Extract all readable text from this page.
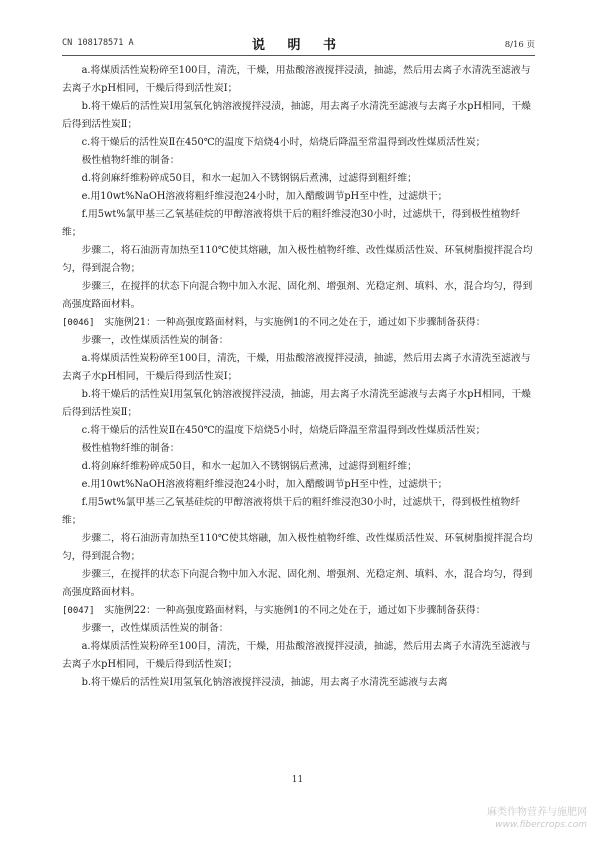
CN 108178571 A	说 明 书	8/16 页

a.将煤质活性炭粉碎至100目，清洗，干燥，用盐酸溶液搅拌浸渍，抽滤，然后用去离子水清洗至滤液与去离子水pH相同，干燥后得到活性炭Ⅰ；

b.将干燥后的活性炭Ⅰ用氢氧化钠溶液搅拌浸渍，抽滤，用去离子水清洗至滤液与去离子水pH相同，干燥后得到活性炭Ⅱ；

c.将干燥后的活性炭Ⅱ在450℃的温度下焙烧4小时，焙烧后降温至常温得到改性煤质活性炭；

极性植物纤维的制备：

d.将剑麻纤维粉碎成50目，和水一起加入不锈钢锅后煮沸，过滤得到粗纤维；

e.用10wt%NaOH溶液将粗纤维浸泡24小时，加入醋酸调节pH至中性，过滤烘干；

f.用5wt%氯甲基三乙氧基硅烷的甲醇溶液将烘干后的粗纤维浸泡30小时，过滤烘干，得到极性植物纤维；

步骤二，将石油沥青加热至110℃使其熔融，加入极性植物纤维、改性煤质活性炭、环氧树脂搅拌混合均匀，得到混合物；

步骤三，在搅拌的状态下向混合物中加入水泥、固化剂、增强剂、光稳定剂、填料、水，混合均匀，得到高强度路面材料。

[0046]  实施例21：一种高强度路面材料，与实施例1的不同之处在于，通过如下步骤制备获得：

步骤一，改性煤质活性炭的制备：

a.将煤质活性炭粉碎至100目，清洗，干燥，用盐酸溶液搅拌浸渍，抽滤，然后用去离子水清洗至滤液与去离子水pH相同，干燥后得到活性炭Ⅰ；

b.将干燥后的活性炭Ⅰ用氢氧化钠溶液搅拌浸渍，抽滤，用去离子水清洗至滤液与去离子水pH相同，干燥后得到活性炭Ⅱ；

c.将干燥后的活性炭Ⅱ在450℃的温度下焙烧5小时，焙烧后降温至常温得到改性煤质活性炭；

极性植物纤维的制备：

d.将剑麻纤维粉碎成50目，和水一起加入不锈钢锅后煮沸，过滤得到粗纤维；

e.用10wt%NaOH溶液将粗纤维浸泡24小时，加入醋酸调节pH至中性，过滤烘干；

f.用5wt%氯甲基三乙氧基硅烷的甲醇溶液将烘干后的粗纤维浸泡30小时，过滤烘干，得到极性植物纤维；

步骤二，将石油沥青加热至110℃使其熔融，加入极性植物纤维、改性煤质活性炭、环氧树脂搅拌混合均匀，得到混合物；

步骤三，在搅拌的状态下向混合物中加入水泥、固化剂、增强剂、光稳定剂、填料、水，混合均匀，得到高强度路面材料。

[0047]  实施例22：一种高强度路面材料，与实施例1的不同之处在于，通过如下步骤制备获得：

步骤一，改性煤质活性炭的制备：

a.将煤质活性炭粉碎至100目，清洗，干燥，用盐酸溶液搅拌浸渍，抽滤，然后用去离子水清洗至滤液与去离子水pH相同，干燥后得到活性炭Ⅰ；

b.将干燥后的活性炭Ⅰ用氢氧化钠溶液搅拌浸渍，抽滤，用去离子水清洗至滤液与去离

11
麻类作物营养与施肥网
www.fibercrops.com
